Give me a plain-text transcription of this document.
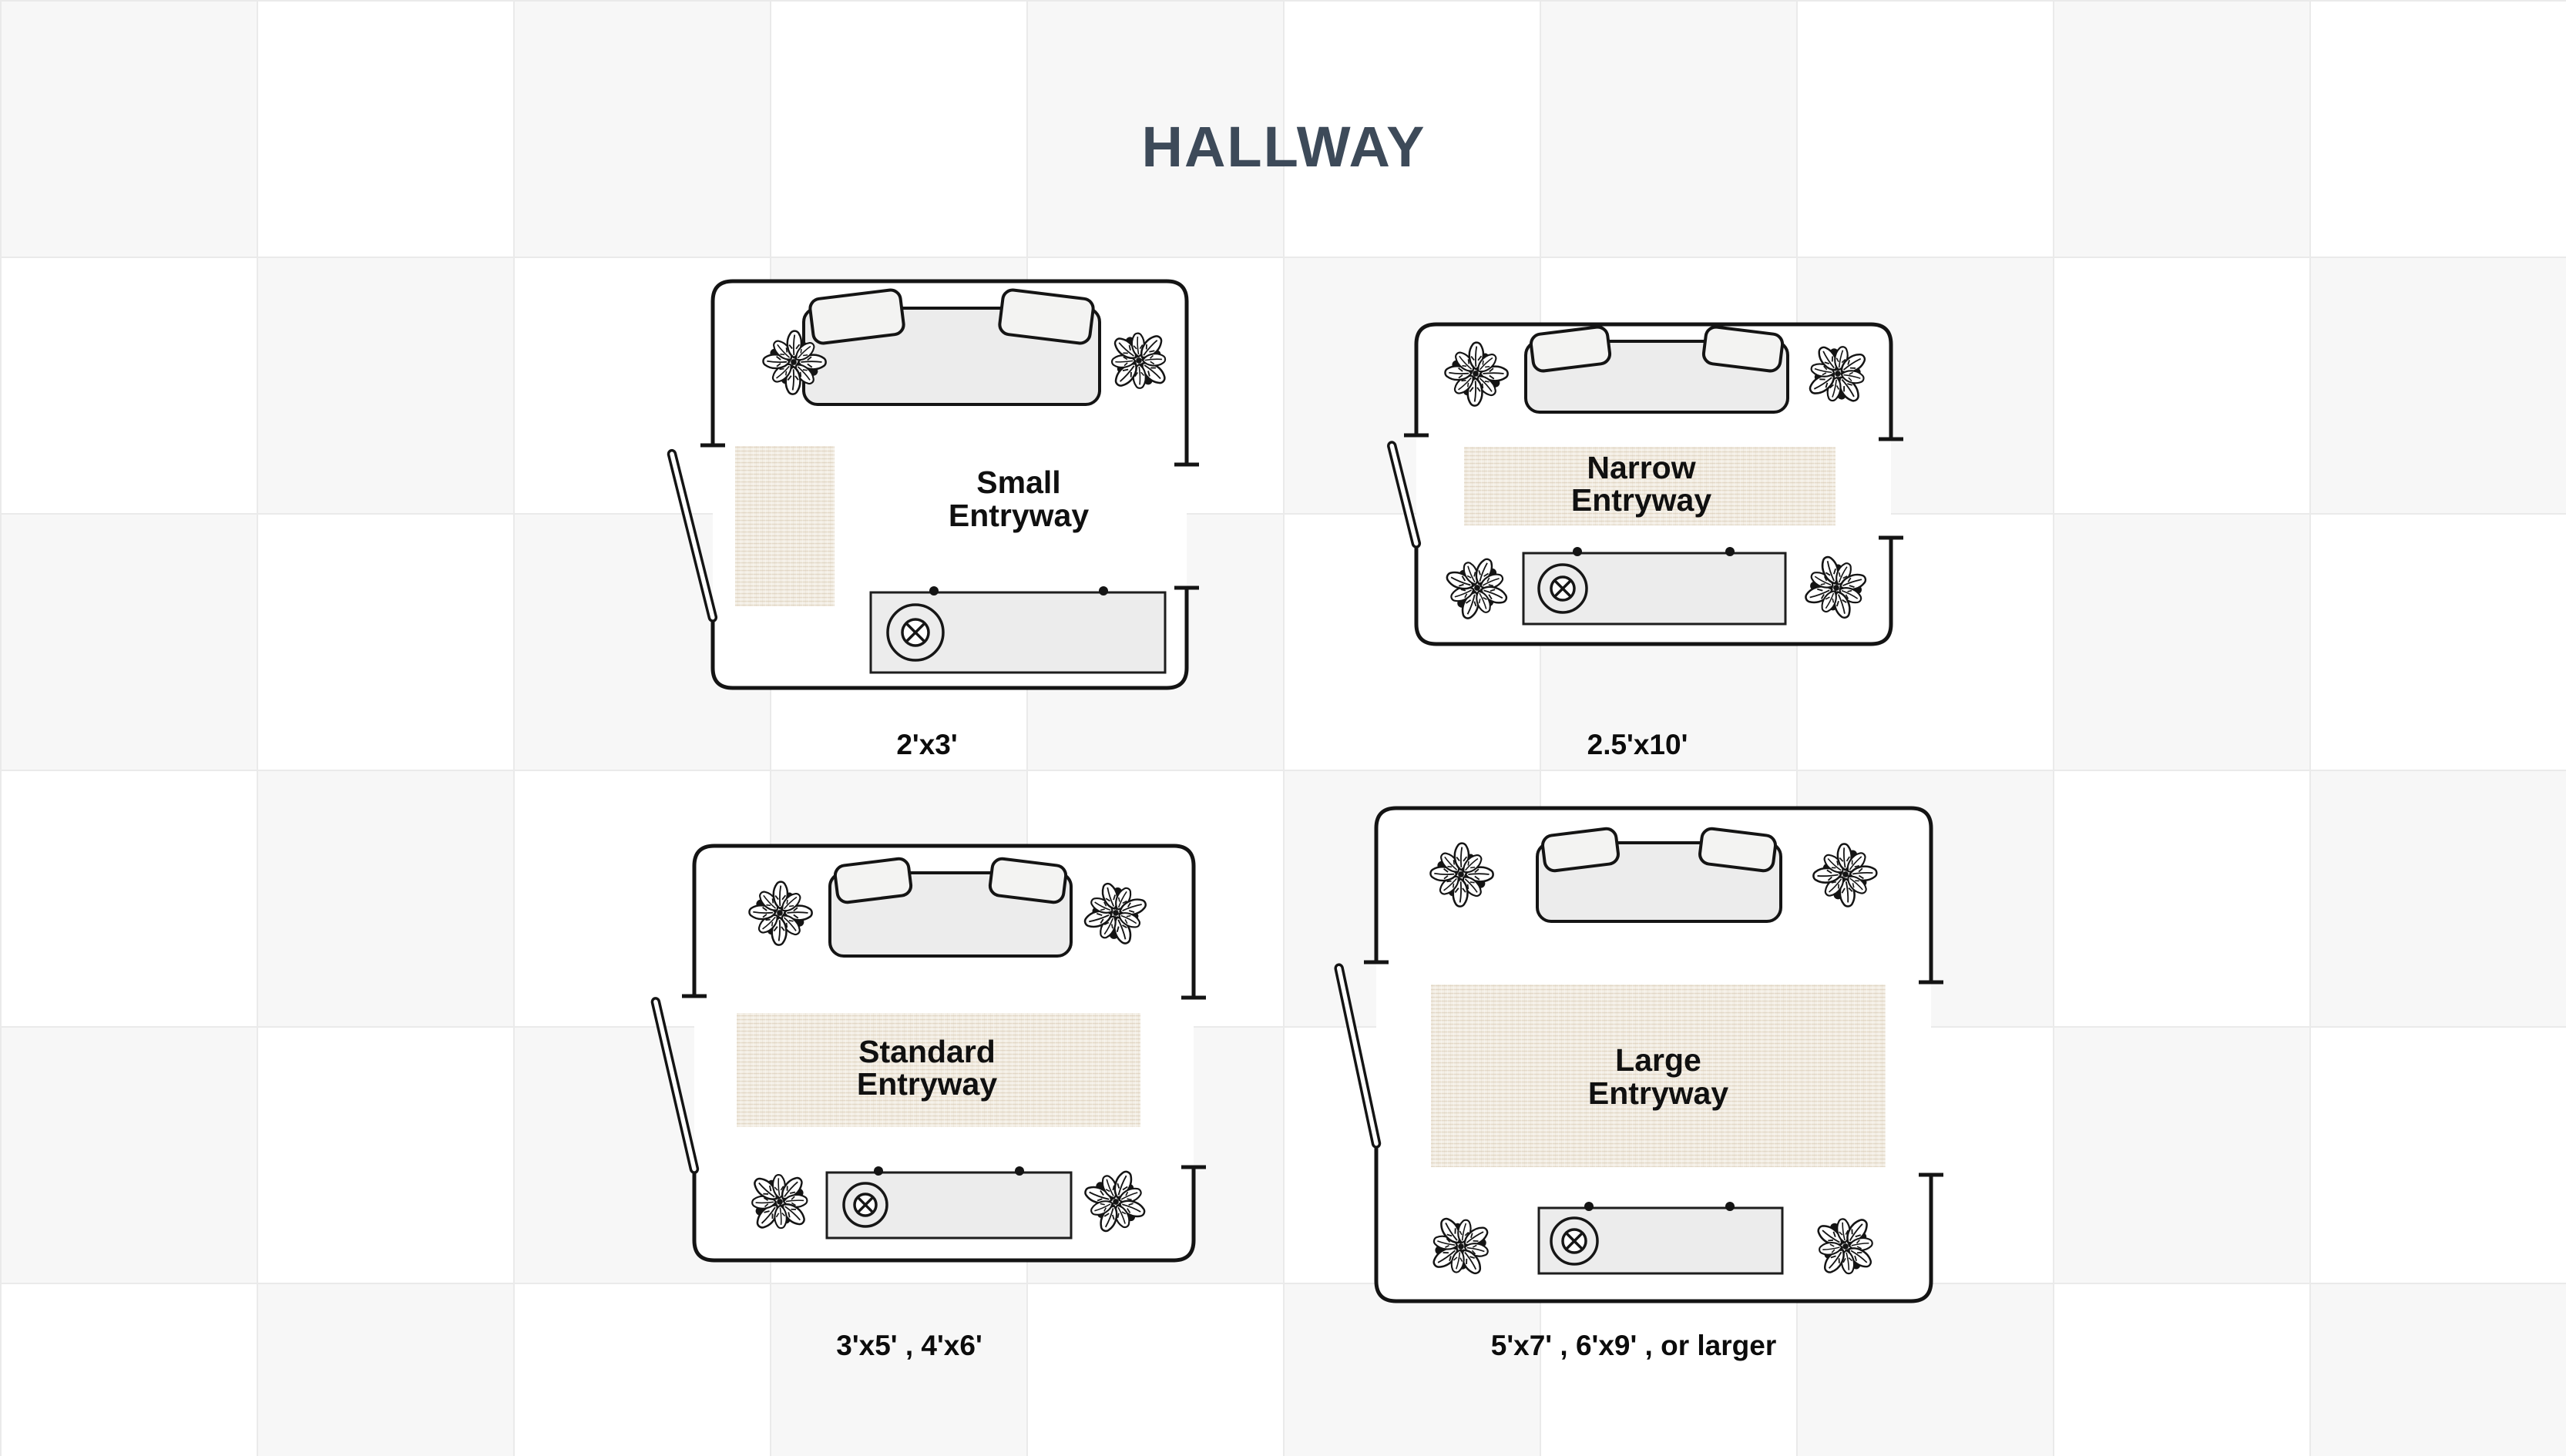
HALLWAY
Small
Entryway
Narrow
Entryway
Standard
Entryway
Large
Entryway
2'x3'	2.5'x10'
3'x5' , 4'x6'	5'x7' , 6'x9' , or larger
